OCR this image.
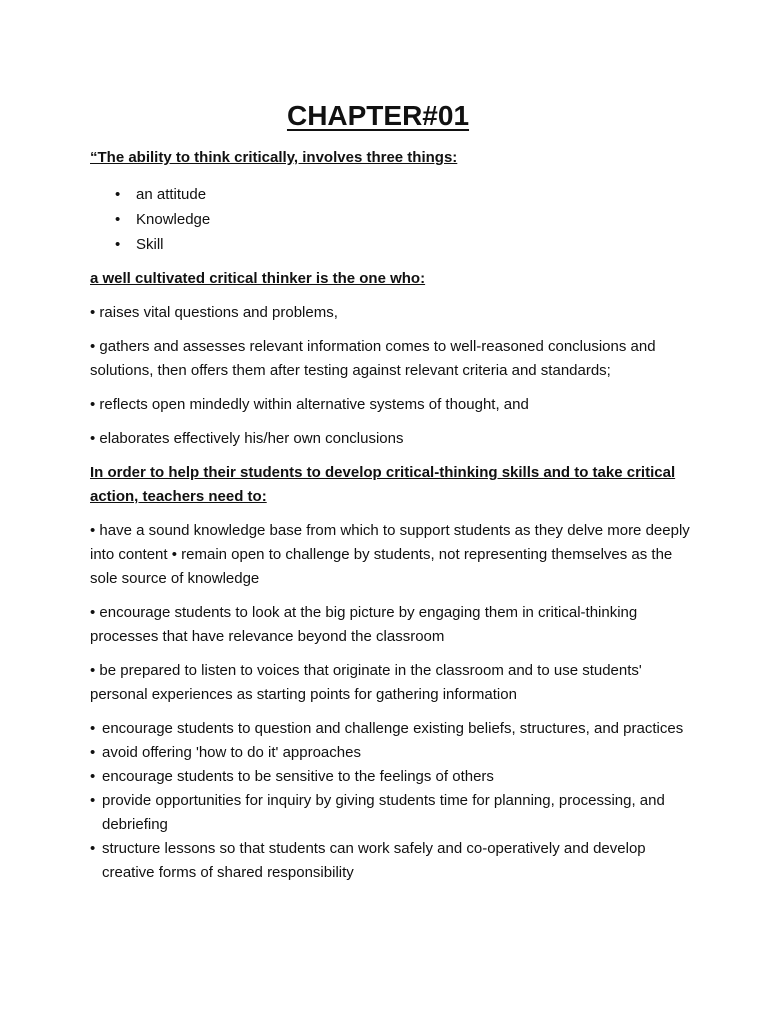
CHAPTER#01

“The ability to think critically, involves three things:

• an attitude
• Knowledge
• Skill

a well cultivated critical thinker is the one who:

• raises vital questions and problems,

• gathers and assesses relevant information comes to well-reasoned conclusions and solutions, then offers them after testing against relevant criteria and standards;

• reflects open mindedly within alternative systems of thought, and

• elaborates effectively his/her own conclusions

In order to help their students to develop critical-thinking skills and to take critical action, teachers need to:

• have a sound knowledge base from which to support students as they delve more deeply into content • remain open to challenge by students, not representing themselves as the sole source of knowledge

• encourage students to look at the big picture by engaging them in critical-thinking processes that have relevance beyond the classroom

• be prepared to listen to voices that originate in the classroom and to use students' personal experiences as starting points for gathering information

• encourage students to question and challenge existing beliefs, structures, and practices
• avoid offering 'how to do it' approaches
• encourage students to be sensitive to the feelings of others
• provide opportunities for inquiry by giving students time for planning, processing, and debriefing
• structure lessons so that students can work safely and co-operatively and develop creative forms of shared responsibility
